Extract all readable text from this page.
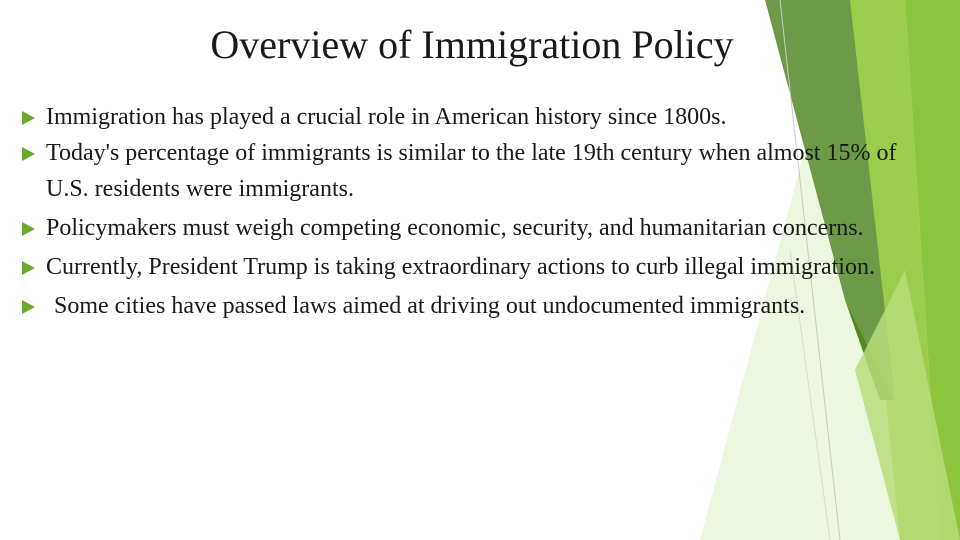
Overview of Immigration Policy
Immigration has played a crucial role in American history since 1800s.
Today's percentage of immigrants is similar to the late 19th century when almost 15% of U.S. residents were immigrants.
Policymakers must weigh competing economic, security, and humanitarian concerns.
Currently, President Trump is taking extraordinary actions to curb illegal immigration.
Some cities have passed laws aimed at driving out undocumented immigrants.
